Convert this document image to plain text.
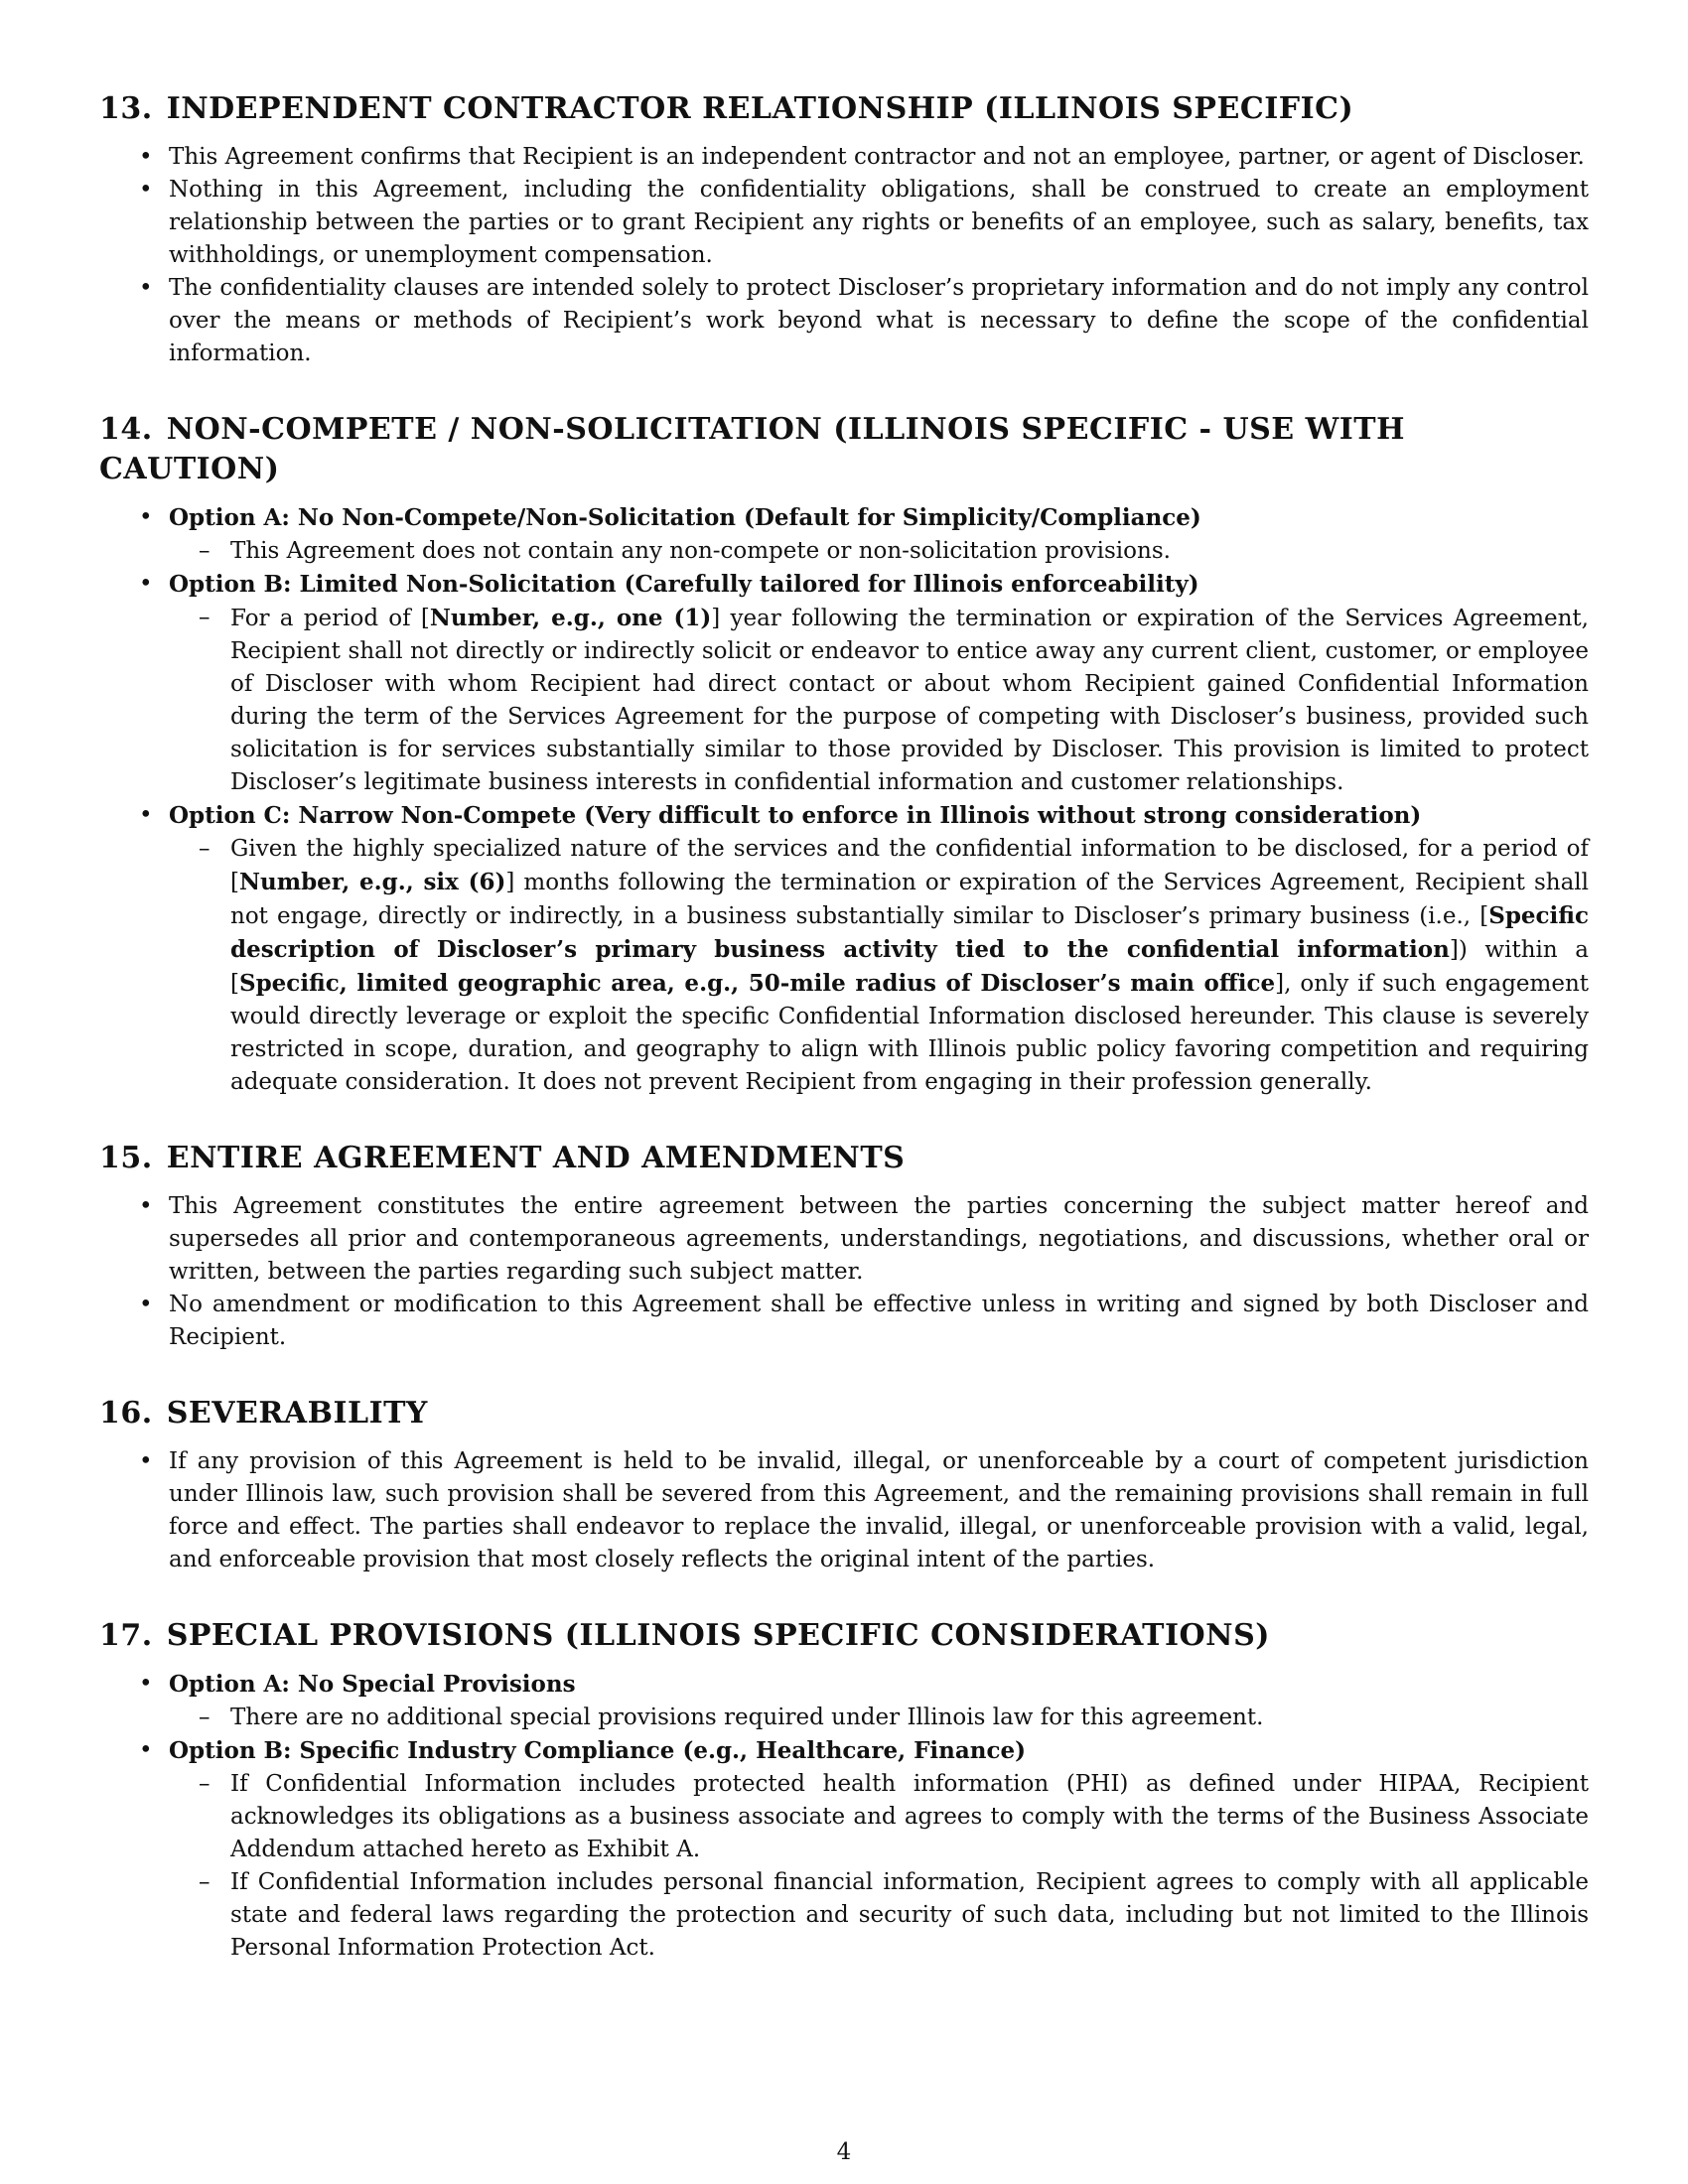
13. INDEPENDENT CONTRACTOR RELATIONSHIP (ILLINOIS SPECIFIC)
• This Agreement confirms that Recipient is an independent contractor and not an employee, partner, or agent of Discloser.
• Nothing in this Agreement, including the confidentiality obligations, shall be construed to create an employment relationship between the parties or to grant Recipient any rights or benefits of an employee, such as salary, benefits, tax withholdings, or unemployment compensation.
• The confidentiality clauses are intended solely to protect Discloser’s proprietary information and do not imply any control over the means or methods of Recipient’s work beyond what is necessary to define the scope of the confidential information.
14. NON-COMPETE / NON-SOLICITATION (ILLINOIS SPECIFIC - USE WITH CAUTION)
• Option A: No Non-Compete/Non-Solicitation (Default for Simplicity/Compliance)
– This Agreement does not contain any non-compete or non-solicitation provisions.
• Option B: Limited Non-Solicitation (Carefully tailored for Illinois enforceability)
– For a period of [Number, e.g., one (1)] year following the termination or expiration of the Services Agreement, Recipient shall not directly or indirectly solicit or endeavor to entice away any current client, customer, or employee of Discloser with whom Recipient had direct contact or about whom Recipient gained Confidential Information during the term of the Services Agreement for the purpose of competing with Discloser’s business, provided such solicitation is for services substantially similar to those provided by Discloser. This provision is limited to protect Discloser’s legitimate business interests in confidential information and customer relationships.
• Option C: Narrow Non-Compete (Very difficult to enforce in Illinois without strong consideration)
– Given the highly specialized nature of the services and the confidential information to be disclosed, for a period of [Number, e.g., six (6)] months following the termination or expiration of the Services Agreement, Recipient shall not engage, directly or indirectly, in a business substantially similar to Discloser’s primary business (i.e., [Specific description of Discloser’s primary business activity tied to the confidential information]) within a [Specific, limited geographic area, e.g., 50-mile radius of Discloser’s main office], only if such engagement would directly leverage or exploit the specific Confidential Information disclosed hereunder. This clause is severely restricted in scope, duration, and geography to align with Illinois public policy favoring competition and requiring adequate consideration. It does not prevent Recipient from engaging in their profession generally.
15. ENTIRE AGREEMENT AND AMENDMENTS
• This Agreement constitutes the entire agreement between the parties concerning the subject matter hereof and supersedes all prior and contemporaneous agreements, understandings, negotiations, and discussions, whether oral or written, between the parties regarding such subject matter.
• No amendment or modification to this Agreement shall be effective unless in writing and signed by both Discloser and Recipient.
16. SEVERABILITY
• If any provision of this Agreement is held to be invalid, illegal, or unenforceable by a court of competent jurisdiction under Illinois law, such provision shall be severed from this Agreement, and the remaining provisions shall remain in full force and effect. The parties shall endeavor to replace the invalid, illegal, or unenforceable provision with a valid, legal, and enforceable provision that most closely reflects the original intent of the parties.
17. SPECIAL PROVISIONS (ILLINOIS SPECIFIC CONSIDERATIONS)
• Option A: No Special Provisions
– There are no additional special provisions required under Illinois law for this agreement.
• Option B: Specific Industry Compliance (e.g., Healthcare, Finance)
– If Confidential Information includes protected health information (PHI) as defined under HIPAA, Recipient acknowledges its obligations as a business associate and agrees to comply with the terms of the Business Associate Addendum attached hereto as Exhibit A.
– If Confidential Information includes personal financial information, Recipient agrees to comply with all applicable state and federal laws regarding the protection and security of such data, including but not limited to the Illinois Personal Information Protection Act.
4
